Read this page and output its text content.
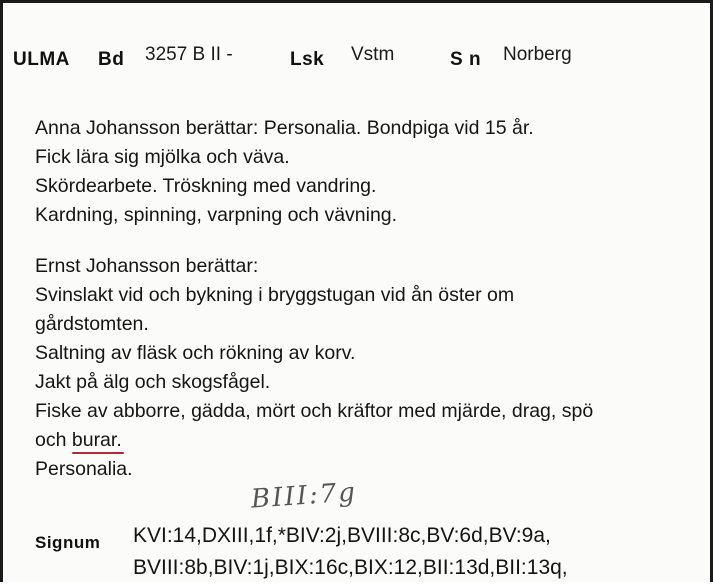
ULMA Bd 3257 B II -	Lsk Vstm	S n Norberg
Anna Johansson berättar: Personalia. Bondpiga vid 15 år.
Fick lära sig mjölka och väva.
Skördearbete. Tröskning med vandring.
Kardning, spinning, varpning och vävning.
Ernst Johansson berättar:
Svinslakt vid och bykning i bryggstugan vid ån öster om
gårdstomten.
Saltning av fläsk och rökning av korv.
Jakt på älg och skogsfågel.
Fiske av abborre, gädda, mört och kräftor med mjärde, drag, spö
och burar.
Personalia.
BIII:7g
Signum KVI:14,DXIII,1f,*BIV:2j,BVIII:8c,BV:6d,BV:9a,
BVIII:8b,BIV:1j,BIX:16c,BIX:12,BII:13d,BII:13q,
